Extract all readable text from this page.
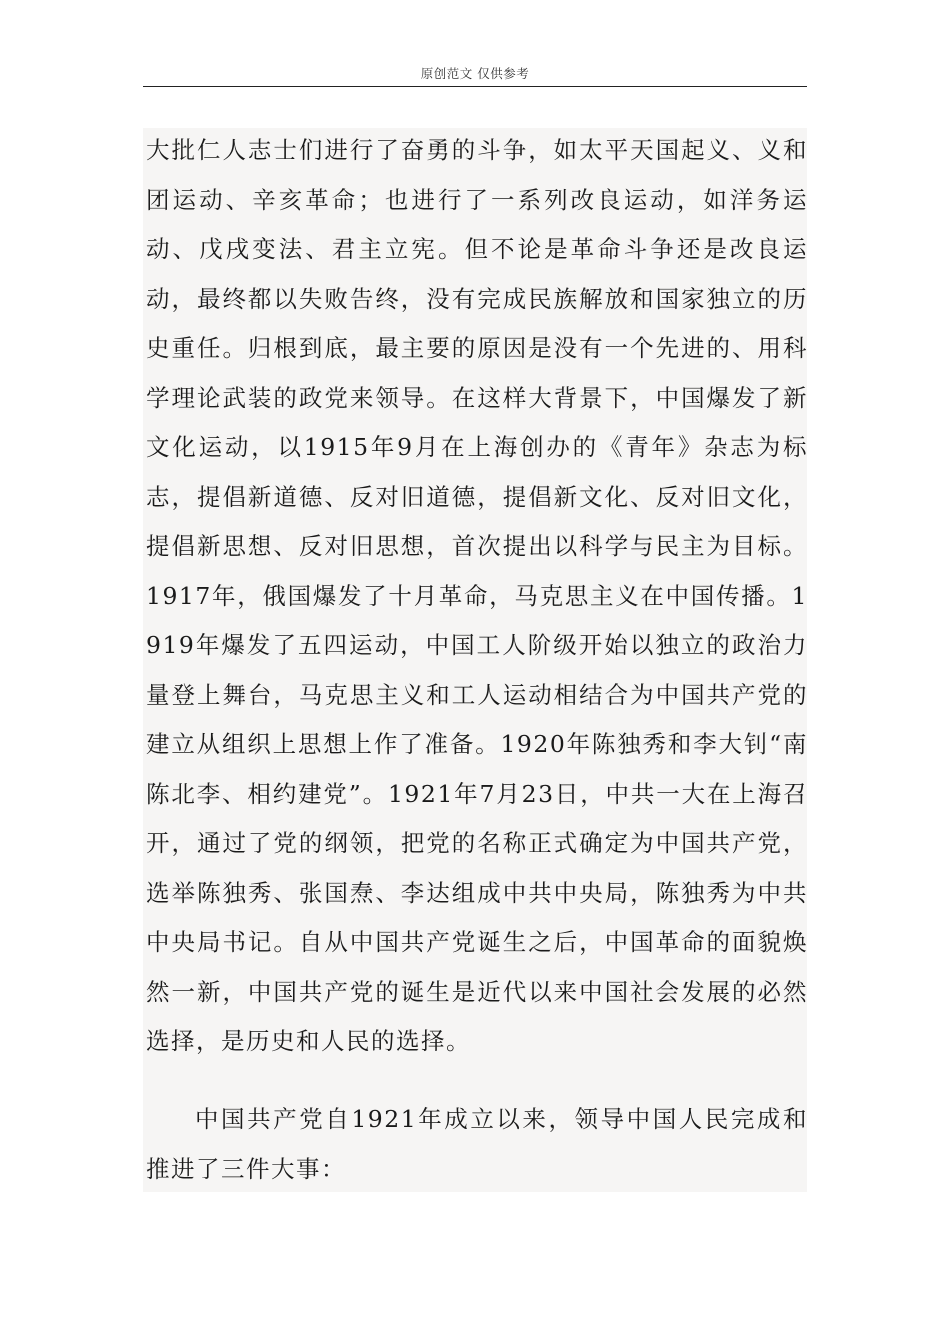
原创范文 仅供参考

大批仁人志士们进行了奋勇的斗争，如太平天国起义、义和团运动、辛亥革命；也进行了一系列改良运动，如洋务运动、戊戌变法、君主立宪。但不论是革命斗争还是改良运动，最终都以失败告终，没有完成民族解放和国家独立的历史重任。归根到底，最主要的原因是没有一个先进的、用科学理论武装的政党来领导。在这样大背景下，中国爆发了新文化运动，以1915年9月在上海创办的《青年》杂志为标志，提倡新道德、反对旧道德，提倡新文化、反对旧文化，提倡新思想、反对旧思想，首次提出以科学与民主为目标。1917年，俄国爆发了十月革命，马克思主义在中国传播。1919年爆发了五四运动，中国工人阶级开始以独立的政治力量登上舞台，马克思主义和工人运动相结合为中国共产党的建立从组织上思想上作了准备。1920年陈独秀和李大钊“南陈北李、相约建党”。1921年7月23日，中共一大在上海召开，通过了党的纲领，把党的名称正式确定为中国共产党，选举陈独秀、张国焘、李达组成中共中央局，陈独秀为中共中央局书记。自从中国共产党诞生之后，中国革命的面貌焕然一新，中国共产党的诞生是近代以来中国社会发展的必然选择，是历史和人民的选择。

中国共产党自1921年成立以来，领导中国人民完成和推进了三件大事：
